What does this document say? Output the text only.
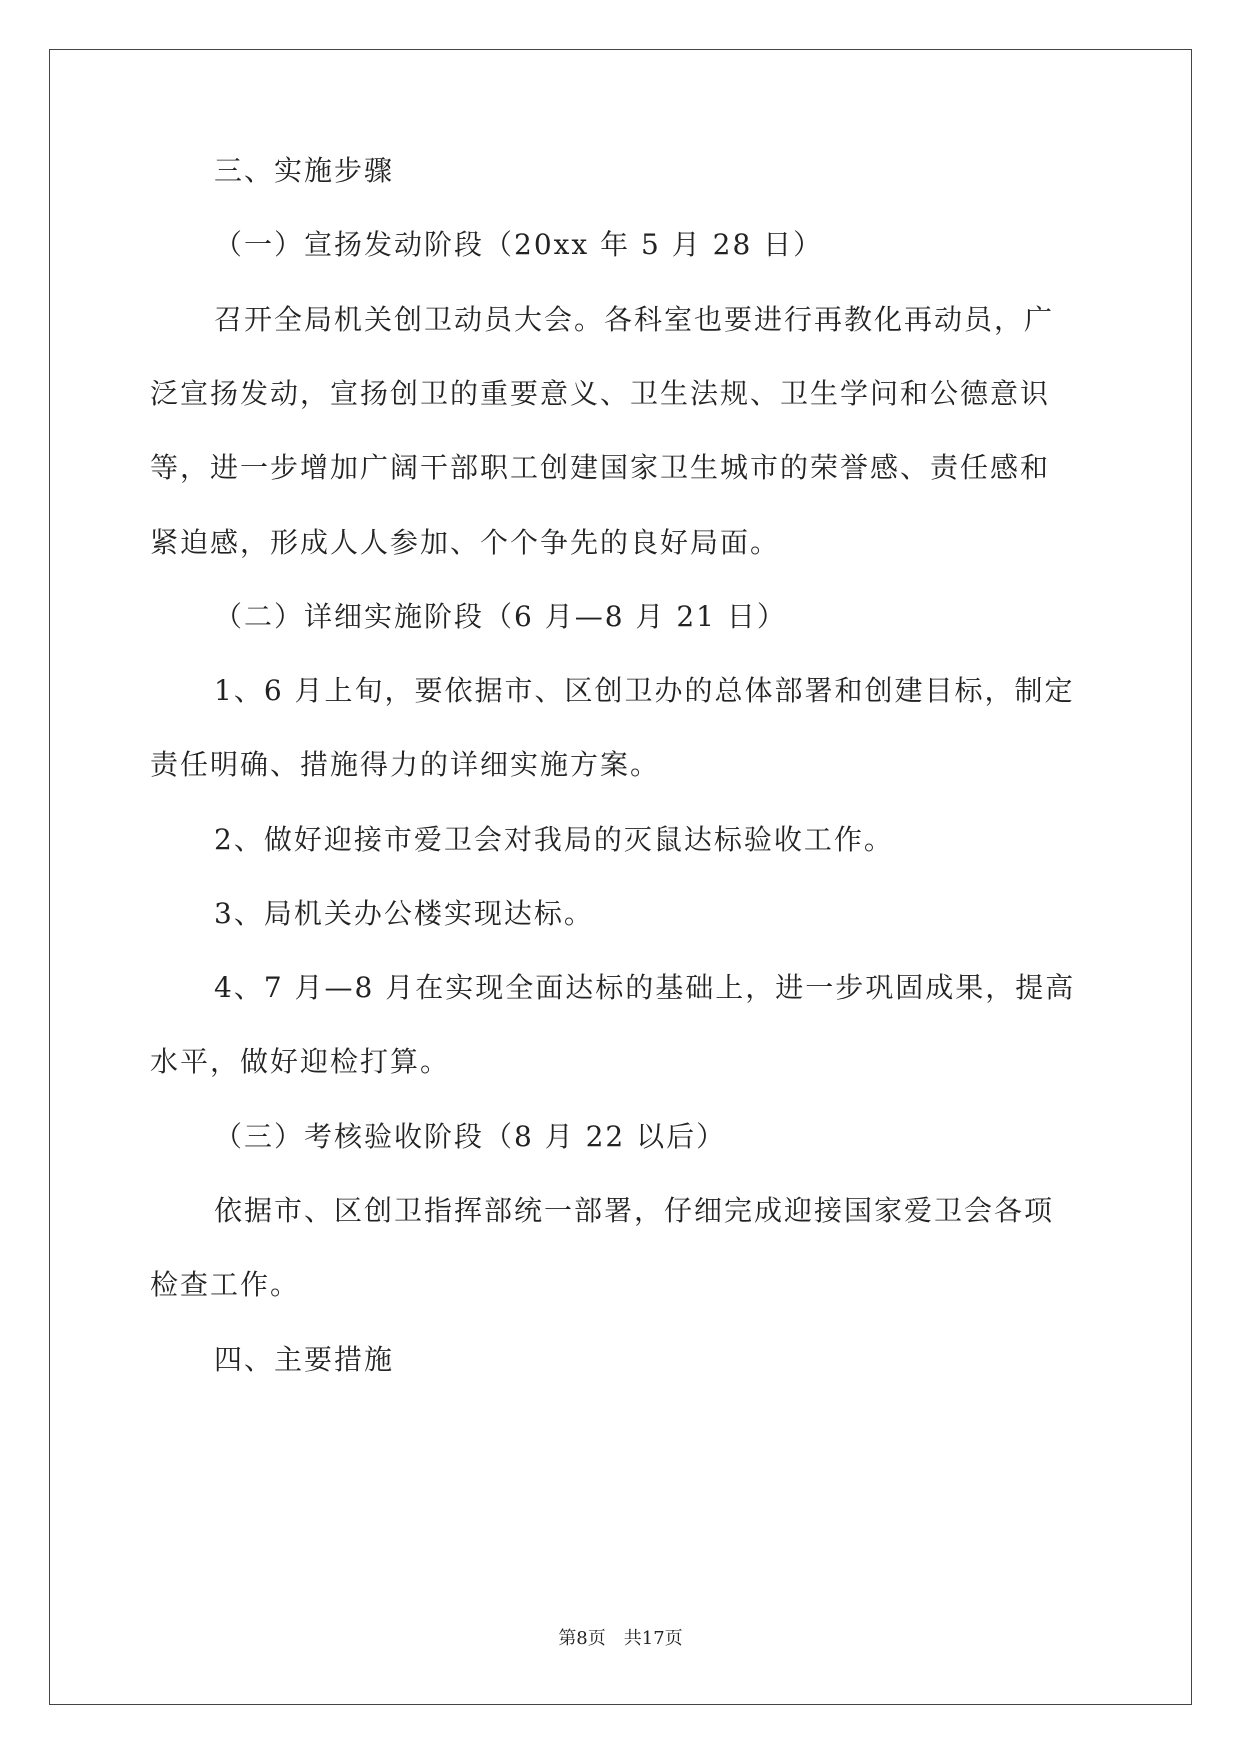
三、实施步骤
（一）宣扬发动阶段（20xx 年 5 月 28 日）
召开全局机关创卫动员大会。各科室也要进行再教化再动员，广
泛宣扬发动，宣扬创卫的重要意义、卫生法规、卫生学问和公德意识
等，进一步增加广阔干部职工创建国家卫生城市的荣誉感、责任感和
紧迫感，形成人人参加、个个争先的良好局面。
（二）详细实施阶段（6 月—8 月 21 日）
1、6 月上旬，要依据市、区创卫办的总体部署和创建目标，制定
责任明确、措施得力的详细实施方案。
2、做好迎接市爱卫会对我局的灭鼠达标验收工作。
3、局机关办公楼实现达标。
4、7 月—8 月在实现全面达标的基础上，进一步巩固成果，提高
水平，做好迎检打算。
（三）考核验收阶段（8 月 22 以后）
依据市、区创卫指挥部统一部署，仔细完成迎接国家爱卫会各项
检查工作。
四、主要措施
第8页 共17页
